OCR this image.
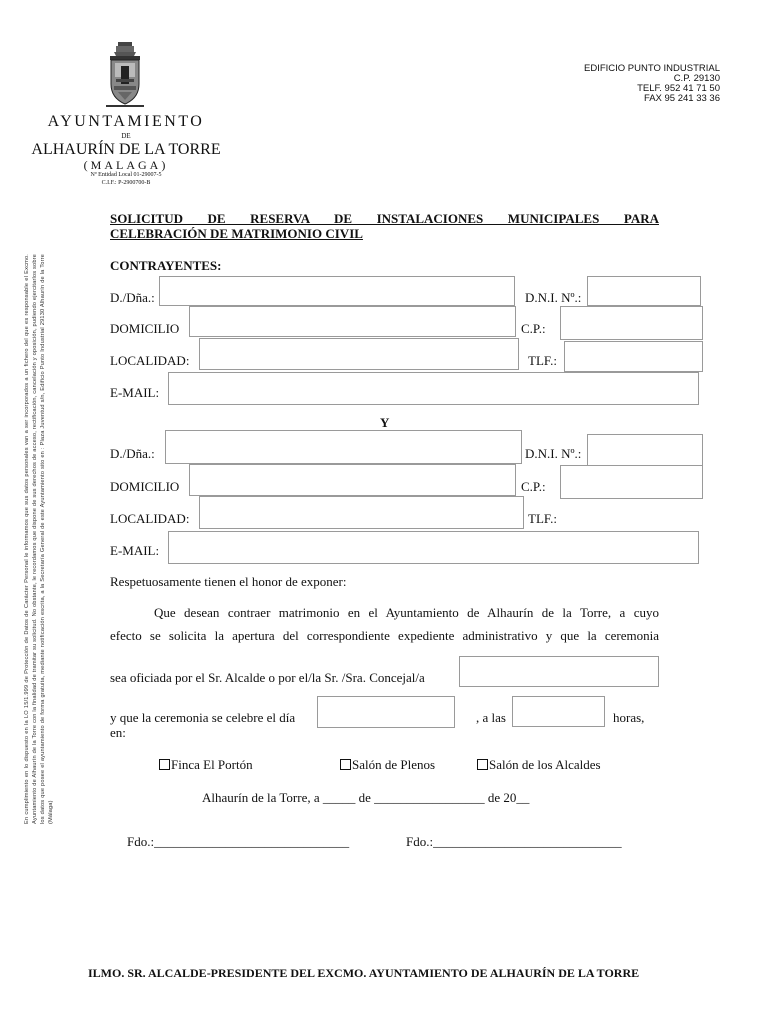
AYUNTAMIENTO
DE
ALHAURÍN DE LA TORRE
(MALAGA)
Nº Entidad Local 01-29007-5
C.I.F.: P-2900700-B
EDIFICIO PUNTO INDUSTRIAL
C.P. 29130
TELF. 952 41 71 50
FAX 95 241 33 36
En cumplimiento en lo dispuesto en la LO 15/1.999 de Protección de Datos de Carácter Personal le informamos que sus datos personales van a ser incorporados a un fichero del que es responsable el Excmo. Ayuntamiento de Alhaurín de la Torre con la finalidad de tramitar su solicitud. No obstante, le recordamos que dispone de sus derechos de acceso, rectificación, cancelación y oposición, pudiendo ejercitarlos sobre los datos que posee el ayuntamiento de forma gratuita, mediante notificación escrita, a la Secretaría General de este Ayuntamiento sito en : Plaza Juventud s/n, Edificio Punto Industrial 29130 Alhaurín de la Torre (Málaga)
SOLICITUD DE RESERVA DE INSTALACIONES MUNICIPALES PARA
CELEBRACIÓN DE MATRIMONIO CIVIL
CONTRAYENTES:
D./Dña.:	D.N.I. Nº.:
DOMICILIO	C.P.:
LOCALIDAD:	TLF.:
E-MAIL:
Y
D./Dña.:	D.N.I. Nº.:
DOMICILIO	C.P.:
LOCALIDAD:	TLF.:
E-MAIL:
Respetuosamente tienen el honor de exponer:
Que desean contraer matrimonio en el Ayuntamiento de Alhaurín de la Torre, a cuyo
efecto se solicita la apertura del correspondiente expediente administrativo y que la ceremonia
sea oficiada por el Sr. Alcalde o por el/la Sr. /Sra. Concejal/a
y que la ceremonia se celebre el día	, a las	horas,
en:
Finca El Portón	Salón de Plenos	Salón de los Alcaldes
Alhaurín de la Torre, a _____ de _________________ de 20__
Fdo.:______________________________	Fdo.:_____________________________
ILMO. SR. ALCALDE-PRESIDENTE DEL EXCMO. AYUNTAMIENTO DE ALHAURÍN DE LA TORRE
